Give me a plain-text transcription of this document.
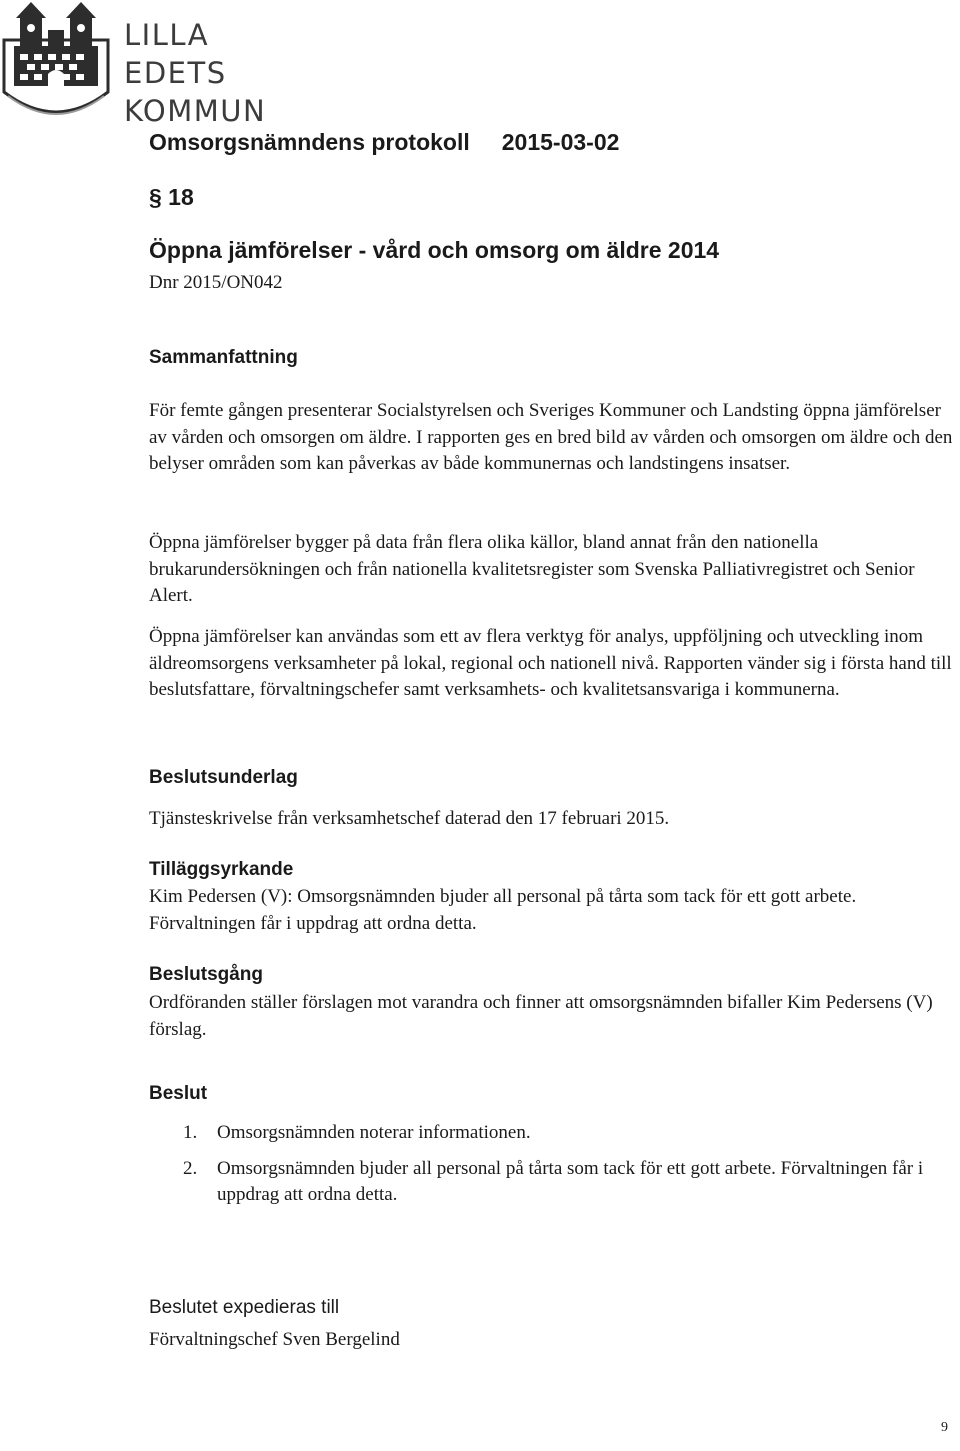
LILLA EDETS
KOMMUN
Omsorgsnämndens protokoll 2015-03-02
§ 18
Öppna jämförelser - vård och omsorg om äldre 2014
Dnr 2015/ON042
Sammanfattning

För femte gången presenterar Socialstyrelsen och Sveriges Kommuner och Landsting öppna jämförelser av vården och omsorgen om äldre. I rapporten ges en bred bild av vården och omsorgen om äldre och den belyser områden som kan påverkas av både kommunernas och landstingens insatser.

Öppna jämförelser bygger på data från flera olika källor, bland annat från den nationella brukarundersökningen och från nationella kvalitetsregister som Svenska Palliativregistret och Senior Alert.

Öppna jämförelser kan användas som ett av flera verktyg för analys, uppföljning och utveckling inom äldreomsorgens verksamheter på lokal, regional och nationell nivå. Rapporten vänder sig i första hand till beslutsfattare, förvaltningschefer samt verksamhets- och kvalitetsansvariga i kommunerna.

Beslutsunderlag

Tjänsteskrivelse från verksamhetschef daterad den 17 februari 2015.

Tilläggsyrkande

Kim Pedersen (V): Omsorgsnämnden bjuder all personal på tårta som tack för ett gott arbete. Förvaltningen får i uppdrag att ordna detta.

Beslutsgång

Ordföranden ställer förslagen mot varandra och finner att omsorgsnämnden bifaller Kim Pedersens (V) förslag.

Beslut
1. Omsorgsnämnden noterar informationen.
2. Omsorgsnämnden bjuder all personal på tårta som tack för ett gott arbete. Förvaltningen får i uppdrag att ordna detta.
Beslutet expedieras till

Förvaltningschef Sven Bergelind

9
